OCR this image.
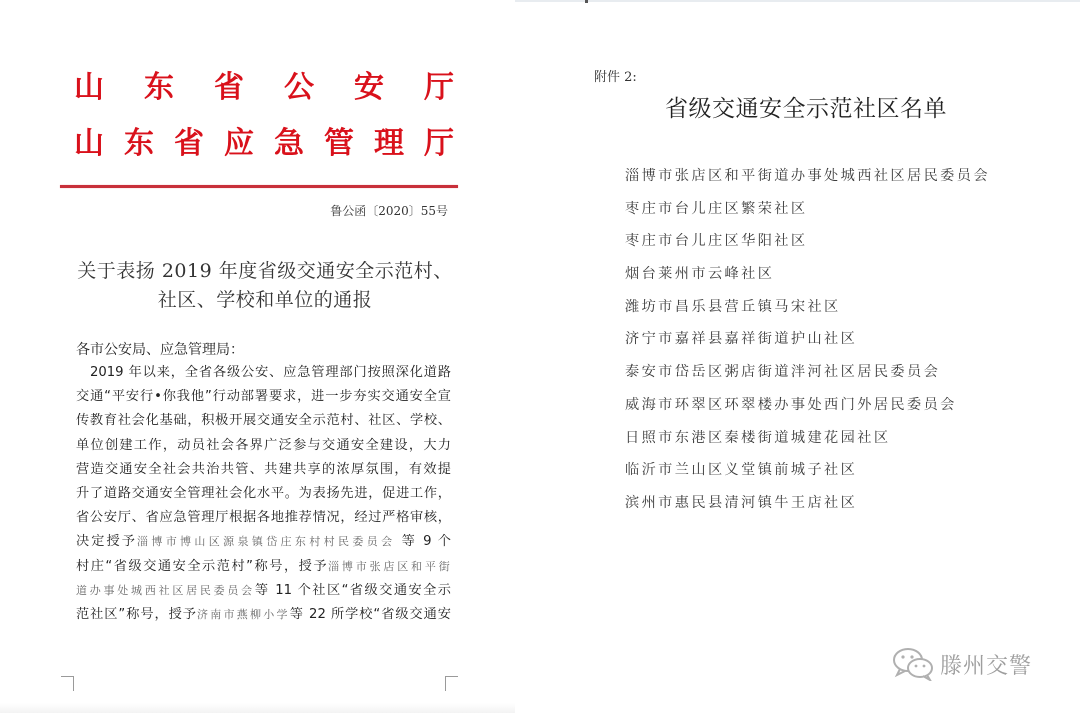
山 东 省 公 安 厅
山 东 省 应 急 管 理 厅
鲁公函〔2020〕55号
关于表扬 2019 年度省级交通安全示范村、
社区、学校和单位的通报
各市公安局、应急管理局：
2019 年以来，全省各级公安、应急管理部门按照深化道路
交通“平安行•你我他”行动部署要求，进一步夯实交通安全宣
传教育社会化基础，积极开展交通安全示范村、社区、学校、
单位创建工作，动员社会各界广泛参与交通安全建设，大力
营造交通安全社会共治共管、共建共享的浓厚氛围，有效提
升了道路交通安全管理社会化水平。为表扬先进，促进工作，
省公安厅、省应急管理厅根据各地推荐情况，经过严格审核，
决定授予淄博市博山区源泉镇岱庄东村村民委员会 等 9 个
村庄“省级交通安全示范村”称号，授予淄博市张店区和平街
道办事处城西社区居民委员会等 11 个社区“省级交通安全示
范社区”称号，授予济南市燕柳小学等 22 所学校“省级交通安
附件 2:
省级交通安全示范社区名单
淄博市张店区和平街道办事处城西社区居民委员会
枣庄市台儿庄区繁荣社区
枣庄市台儿庄区华阳社区
烟台莱州市云峰社区
潍坊市昌乐县营丘镇马宋社区
济宁市嘉祥县嘉祥街道护山社区
泰安市岱岳区粥店街道泮河社区居民委员会
威海市环翠区环翠楼办事处西门外居民委员会
日照市东港区秦楼街道城建花园社区
临沂市兰山区义堂镇前城子社区
滨州市惠民县清河镇牛王店社区
滕州交警
